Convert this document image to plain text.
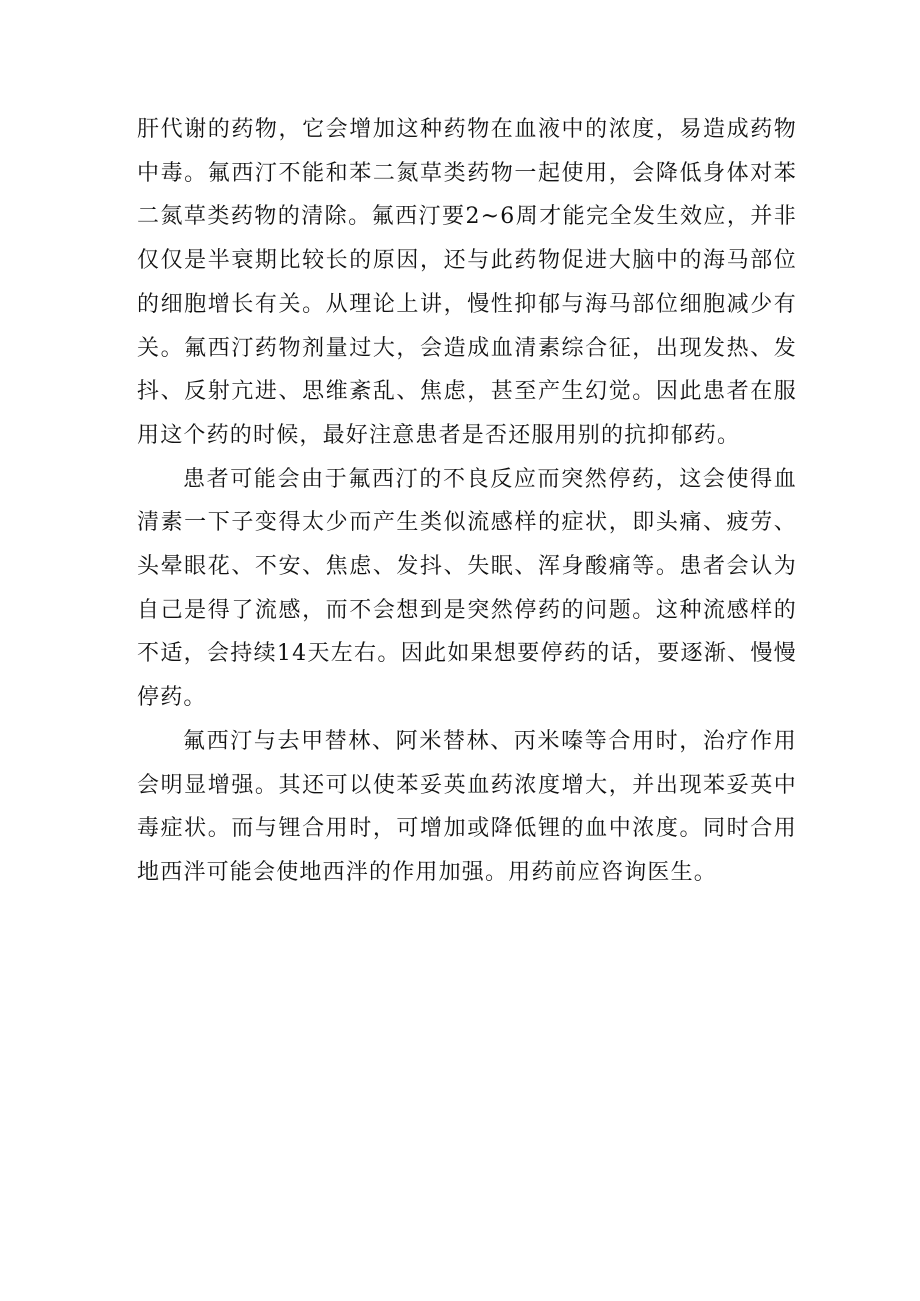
肝代谢的药物，它会增加这种药物在血液中的浓度，易造成药物
中毒。氟西汀不能和苯二氮草类药物一起使用，会降低身体对苯
二氮草类药物的清除。氟西汀要2~6周才能完全发生效应，并非
仅仅是半衰期比较长的原因，还与此药物促进大脑中的海马部位
的细胞增长有关。从理论上讲，慢性抑郁与海马部位细胞减少有
关。氟西汀药物剂量过大，会造成血清素综合征，出现发热、发
抖、反射亢进、思维紊乱、焦虑，甚至产生幻觉。因此患者在服
用这个药的时候，最好注意患者是否还服用别的抗抑郁药。

患者可能会由于氟西汀的不良反应而突然停药，这会使得血
清素一下子变得太少而产生类似流感样的症状，即头痛、疲劳、
头晕眼花、不安、焦虑、发抖、失眠、浑身酸痛等。患者会认为
自己是得了流感，而不会想到是突然停药的问题。这种流感样的
不适，会持续14天左右。因此如果想要停药的话，要逐渐、慢慢
停药。

氟西汀与去甲替林、阿米替林、丙米嗪等合用时，治疗作用
会明显增强。其还可以使苯妥英血药浓度增大，并出现苯妥英中
毒症状。而与锂合用时，可增加或降低锂的血中浓度。同时合用
地西泮可能会使地西泮的作用加强。用药前应咨询医生。
